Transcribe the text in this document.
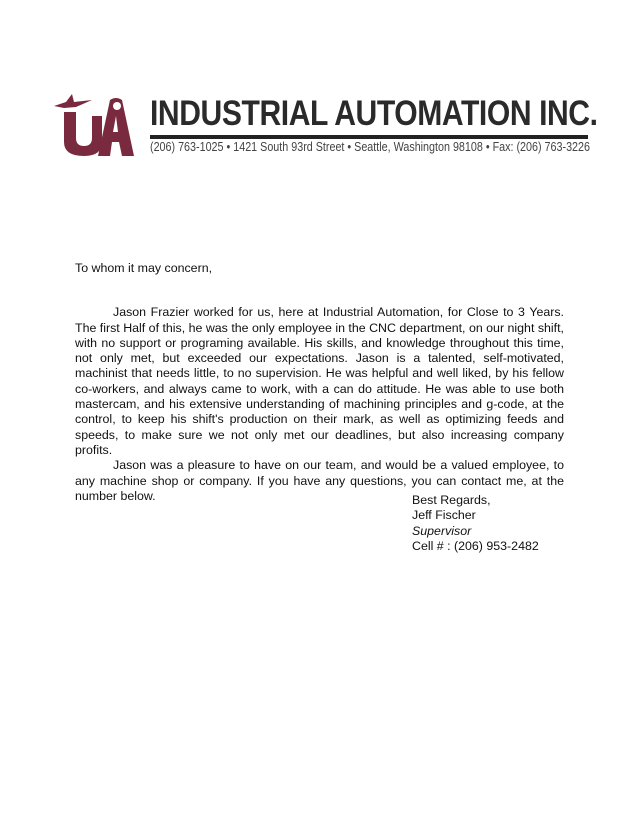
INDUSTRIAL AUTOMATION INC.
(206) 763-1025 • 1421 South 93rd Street • Seattle, Washington 98108 • Fax: (206) 763-3226

To whom it may concern,

Jason Frazier worked for us, here at Industrial Automation, for Close to 3 Years. The first Half of this, he was the only employee in the CNC department, on our night shift, with no support or programing available. His skills, and knowledge throughout this time, not only met, but exceeded our expectations. Jason is a talented, self-motivated, machinist that needs little, to no supervision. He was helpful and well liked, by his fellow co-workers, and always came to work, with a can do attitude. He was able to use both mastercam, and his extensive understanding of machining principles and g-code, at the control, to keep his shift's production on their mark, as well as optimizing feeds and speeds, to make sure we not only met our deadlines, but also increasing company profits.

Jason was a pleasure to have on our team, and would be a valued employee, to any machine shop or company. If you have any questions, you can contact me, at the number below.	Best Regards,
Jeff Fischer
Supervisor
Cell # : (206) 953-2482
